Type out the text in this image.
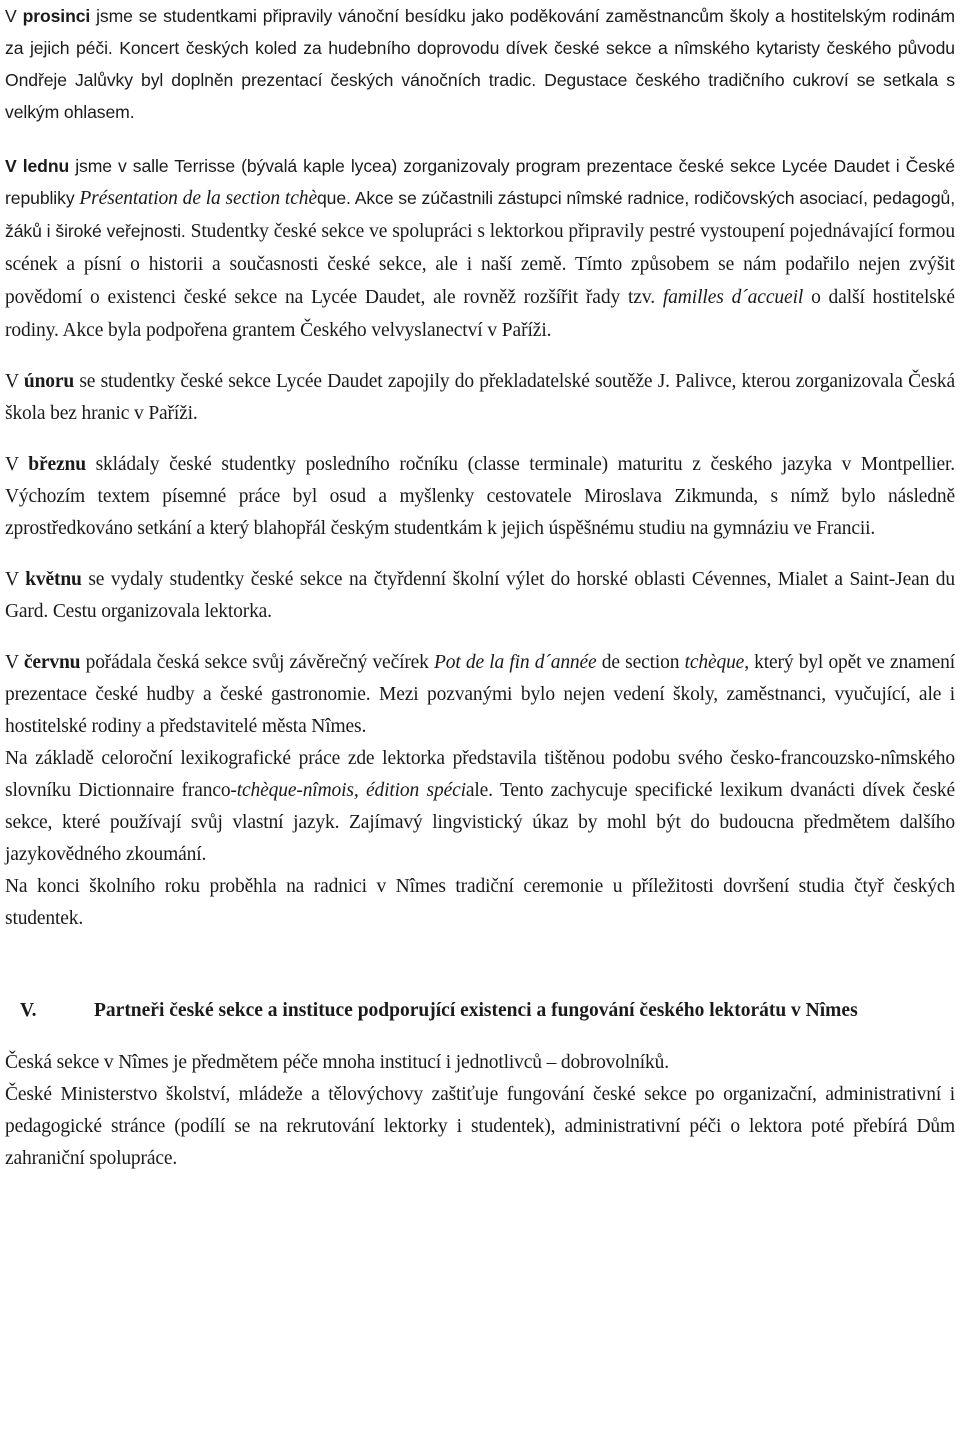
V prosinci jsme se studentkami připravily vánoční besídku jako poděkování zaměstnancům školy a hostitelským rodinám za jejich péči. Koncert českých koled za hudebního doprovodu dívek české sekce a nîmského kytaristy českého původu Ondřeje Jalůvky byl doplněn prezentací českých vánočních tradic. Degustace českého tradičního cukroví se setkala s velkým ohlasem.

V lednu jsme v salle Terrisse (bývalá kaple lycea) zorganizovaly program prezentace české sekce Lycée Daudet i České republiky Présentation de la section tchèque. Akce se zúčastnili zástupci nîmské radnice, rodičovských asociací, pedagogů, žáků i široké veřejnosti. Studentky české sekce ve spolupráci s lektorkou připravily pestré vystoupení pojednávající formou scének a písní o historii a současnosti české sekce, ale i naší země. Tímto způsobem se nám podařilo nejen zvýšit povědomí o existenci české sekce na Lycée Daudet, ale rovněž rozšířit řady tzv. familles d´accueil o další hostitelské rodiny. Akce byla podpořena grantem Českého velvyslanectví v Paříži.

V únoru se studentky české sekce Lycée Daudet zapojily do překladatelské soutěže J. Palivce, kterou zorganizovala Česká škola bez hranic v Paříži.

V březnu skládaly české studentky posledního ročníku (classe terminale) maturitu z českého jazyka v Montpellier. Výchozím textem písemné práce byl osud a myšlenky cestovatele Miroslava Zikmunda, s nímž bylo následně zprostředkováno setkání a který blahopřál českým studentkám k jejich úspěšnému studiu na gymnáziu ve Francii.

V květnu se vydaly studentky české sekce na čtyřdenní školní výlet do horské oblasti Cévennes, Mialet a Saint-Jean du Gard. Cestu organizovala lektorka.

V červnu pořádala česká sekce svůj závěrečný večírek Pot de la fin d´année de section tchèque, který byl opět ve znamení prezentace české hudby a české gastronomie. Mezi pozvanými bylo nejen vedení školy, zaměstnanci, vyučující, ale i hostitelské rodiny a představitelé města Nîmes.

Na základě celoroční lexikografické práce zde lektorka představila tištěnou podobu svého česko-francouzsko-nîmského slovníku Dictionnaire franco-tchèque-nîmois, édition spéciale. Tento zachycuje specifické lexikum dvanácti dívek české sekce, které používají svůj vlastní jazyk. Zajímavý lingvistický úkaz by mohl být do budoucna předmětem dalšího jazykovědného zkoumání.

Na konci školního roku proběhla na radnici v Nîmes tradiční ceremonie u příležitosti dovršení studia čtyř českých studentek.

V.	Partneři české sekce a instituce podporující existenci a fungování českého lektorátu v Nîmes

Česká sekce v Nîmes je předmětem péče mnoha institucí i jednotlivců – dobrovolníků.

České Ministerstvo školství, mládeže a tělovýchovy zaštiťuje fungování české sekce po organizační, administrativní i pedagogické stránce (podílí se na rekrutování lektorky i studentek), administrativní péči o lektora poté přebírá Dům zahraniční spolupráce.
